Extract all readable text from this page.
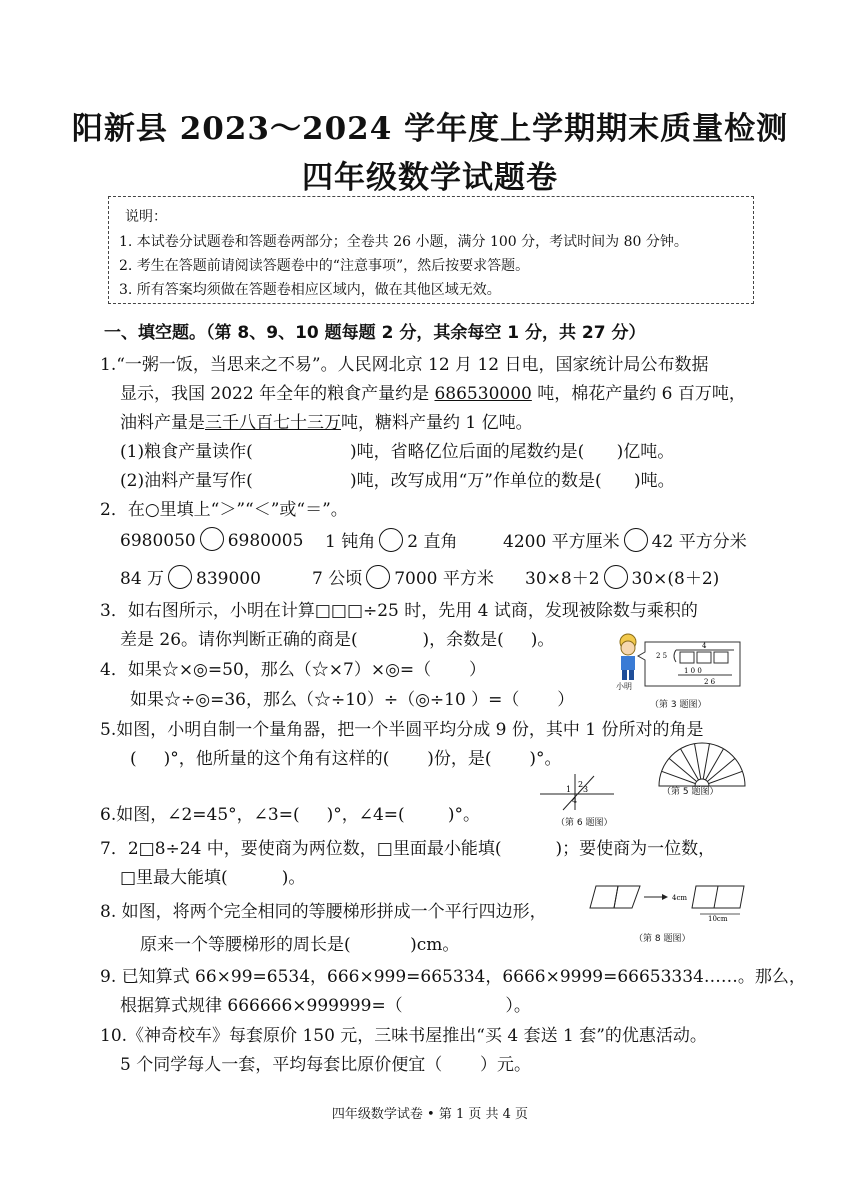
阳新县 2023～2024 学年度上学期期末质量检测
四年级数学试题卷
说明：
1. 本试卷分试题卷和答题卷两部分；全卷共 26 小题，满分 100 分，考试时间为 80 分钟。
2. 考生在答题前请阅读答题卷中的“注意事项”，然后按要求答题。
3. 所有答案均须做在答题卷相应区域内，做在其他区域无效。
一、填空题。（第 8、9、10 题每题 2 分，其余每空 1 分，共 27 分）
1.“一粥一饭，当思来之不易”。人民网北京 12 月 12 日电，国家统计局公布数据
显示，我国 2022 年全年的粮食产量约是 686530000 吨，棉花产量约 6 百万吨，
油料产量是三千八百七十三万吨，糖料产量约 1 亿吨。
(1)粮食产量读作(                  )吨，省略亿位后面的尾数约是(      )亿吨。
(2)油料产量写作(                  )吨，改写成用“万”作单位的数是(      )吨。
2．在○里填上“＞”“＜”或“＝”。
6980050 6980005 1 钝角 2 直角	4200 平方厘米 42 平方分米
84 万 839000	7 公顷 7000 平方米 30×8＋2 30×(8＋2)
3．如右图所示，小明在计算□□□÷25 时，先用 4 试商，发现被除数与乘积的
差是 26。请你判断正确的商是(            )，余数是(     )。	4
2 5
1 0 0
2 6
小明
（第 3 题图）
4．如果☆×◎=50，那么（☆×7）×◎=（       ）
如果☆÷◎=36，那么（☆÷10）÷（◎÷10 ）=（       ）
5.如图，小明自制一个量角器，把一个半圆平均分成 9 份，其中 1 份所对的角是
(     )°，他所量的这个角有这样的(       )份，是(       )°。
（第 5 题图）
6.如图，∠2=45°，∠3=(     )°，∠4=(        )°。
1
2
3
4
（第 6 题图）
7．2□8÷24 中，要使商为两位数，□里面最小能填(          )；要使商为一位数，
□里最大能填(          )。
8. 如图，将两个完全相同的等腰梯形拼成一个平行四边形，
原来一个等腰梯形的周长是(           )cm。
4cm
10cm
（第 8 题图）
9. 已知算式 66×99=6534，666×999=665334，6666×9999=66653334……。那么，
根据算式规律 666666×999999=（                   ）。
10.《神奇校车》每套原价 150 元，三味书屋推出“买 4 套送 1 套”的优惠活动。
5 个同学每人一套，平均每套比原价便宜（       ）元。
四年级数学试卷 • 第 1 页 共 4 页
